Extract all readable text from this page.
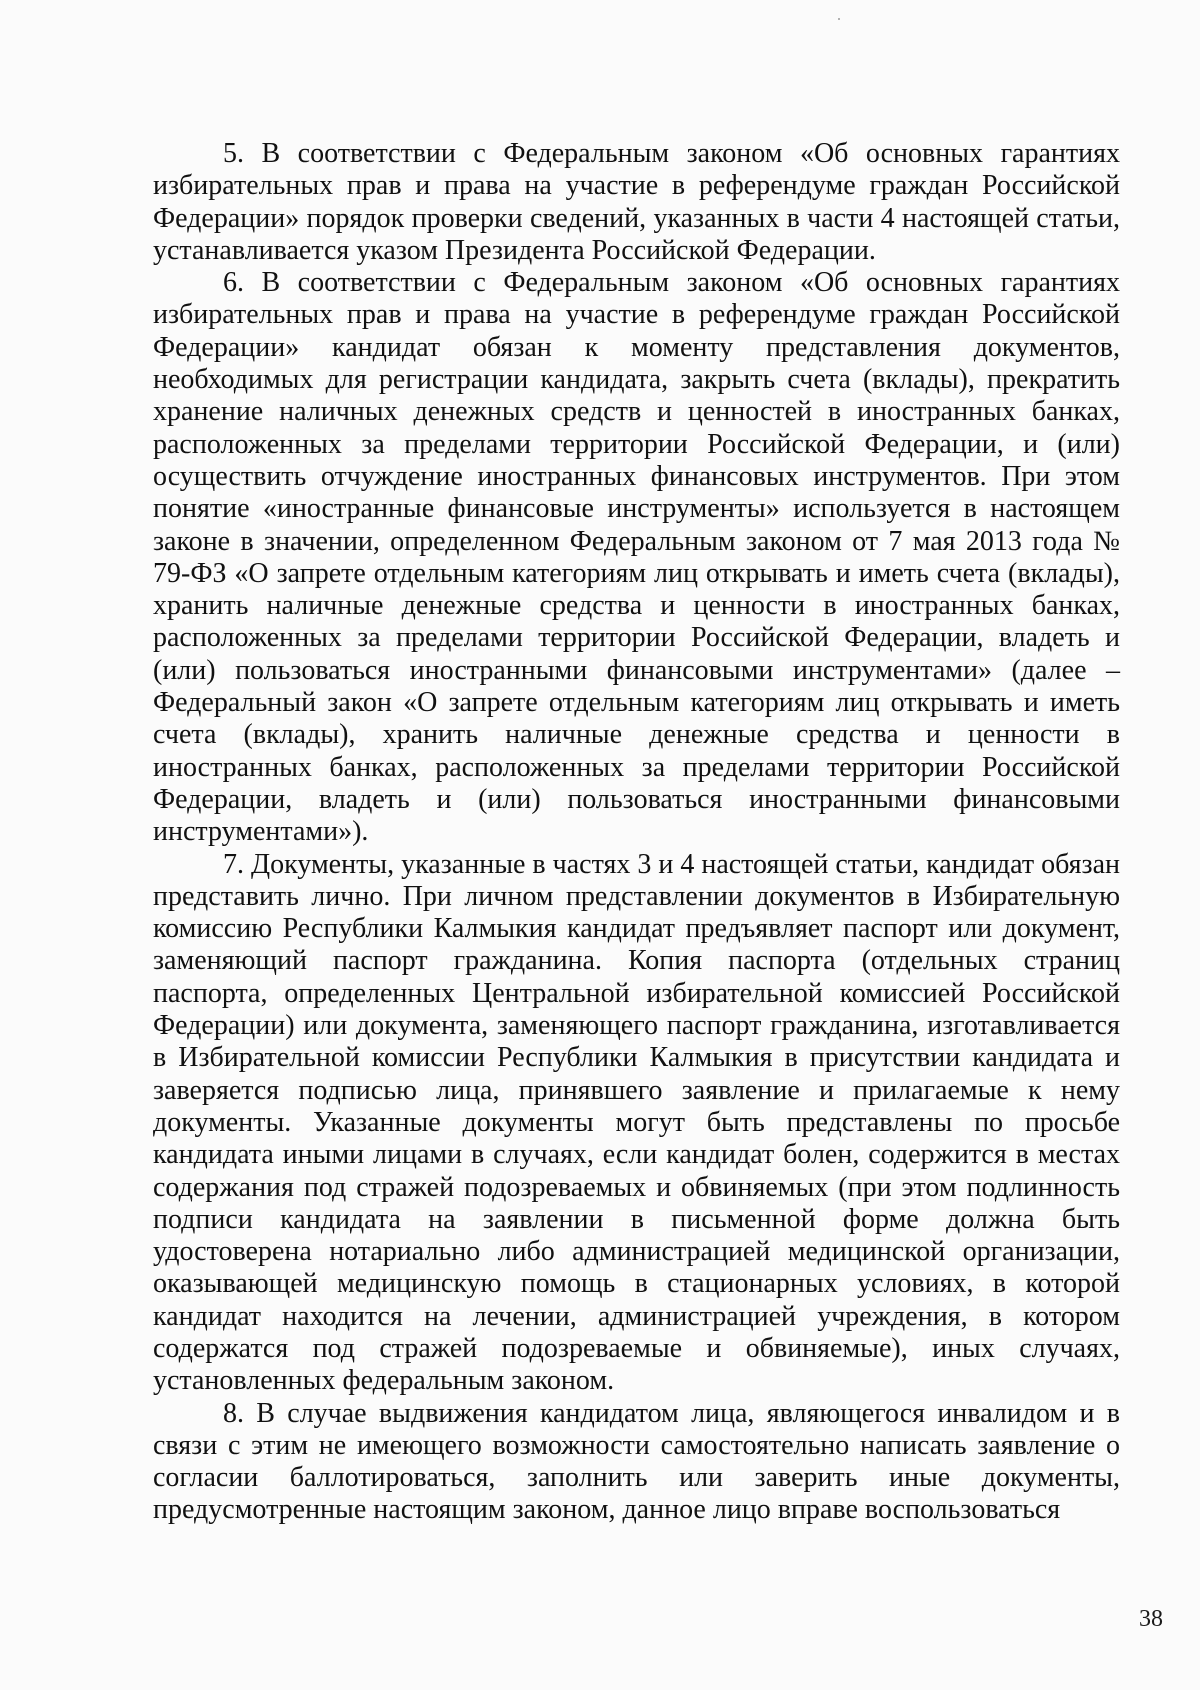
5. В соответствии с Федеральным законом «Об основных гарантиях избирательных прав и права на участие в референдуме граждан Российской Федерации» порядок проверки сведений, указанных в части 4 настоящей статьи, устанавливается указом Президента Российской Федерации.

6. В соответствии с Федеральным законом «Об основных гарантиях избирательных прав и права на участие в референдуме граждан Российской Федерации» кандидат обязан к моменту представления документов, необходимых для регистрации кандидата, закрыть счета (вклады), прекратить хранение наличных денежных средств и ценностей в иностранных банках, расположенных за пределами территории Российской Федерации, и (или) осуществить отчуждение иностранных финансовых инструментов. При этом понятие «иностранные финансовые инструменты» используется в настоящем законе в значении, определенном Федеральным законом от 7 мая 2013 года № 79-ФЗ «О запрете отдельным категориям лиц открывать и иметь счета (вклады), хранить наличные денежные средства и ценности в иностранных банках, расположенных за пределами территории Российской Федерации, владеть и (или) пользоваться иностранными финансовыми инструментами» (далее – Федеральный закон «О запрете отдельным категориям лиц открывать и иметь счета (вклады), хранить наличные денежные средства и ценности в иностранных банках, расположенных за пределами территории Российской Федерации, владеть и (или) пользоваться иностранными финансовыми инструментами»).

7. Документы, указанные в частях 3 и 4 настоящей статьи, кандидат обязан представить лично. При личном представлении документов в Избирательную комиссию Республики Калмыкия кандидат предъявляет паспорт или документ, заменяющий паспорт гражданина. Копия паспорта (отдельных страниц паспорта, определенных Центральной избирательной комиссией Российской Федерации) или документа, заменяющего паспорт гражданина, изготавливается в Избирательной комиссии Республики Калмыкия в присутствии кандидата и заверяется подписью лица, принявшего заявление и прилагаемые к нему документы. Указанные документы могут быть представлены по просьбе кандидата иными лицами в случаях, если кандидат болен, содержится в местах содержания под стражей подозреваемых и обвиняемых (при этом подлинность подписи кандидата на заявлении в письменной форме должна быть удостоверена нотариально либо администрацией медицинской организации, оказывающей медицинскую помощь в стационарных условиях, в которой кандидат находится на лечении, администрацией учреждения, в котором содержатся под стражей подозреваемые и обвиняемые), иных случаях, установленных федеральным законом.

8. В случае выдвижения кандидатом лица, являющегося инвалидом и в связи с этим не имеющего возможности самостоятельно написать заявление о согласии баллотироваться, заполнить или заверить иные документы, предусмотренные настоящим законом, данное лицо вправе воспользоваться

38
